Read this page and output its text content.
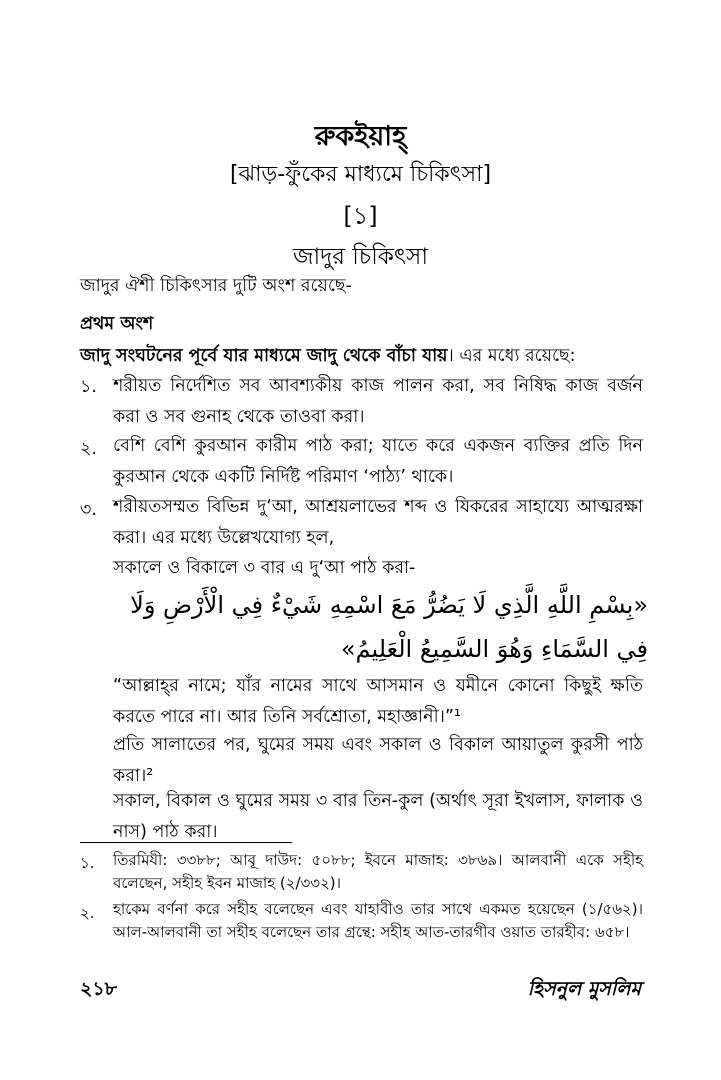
রুকইয়াহ্
[ঝাড়-ফুঁকের মাধ্যমে চিকিৎসা]
[১]
জাদুর চিকিৎসা
জাদুর ঐশী চিকিৎসার দুটি অংশ রয়েছে-
প্রথম অংশ
জাদু সংঘটনের পূর্বে যার মাধ্যমে জাদু থেকে বাঁচা যায়। এর মধ্যে রয়েছে:
১. শরীয়ত নির্দেশিত সব আবশ্যকীয় কাজ পালন করা, সব নিষিদ্ধ কাজ বর্জন করা ও সব গুনাহ থেকে তাওবা করা।
২. বেশি বেশি কুরআন কারীম পাঠ করা; যাতে করে একজন ব্যক্তির প্রতি দিন কুরআন থেকে একটি নির্দিষ্ট পরিমাণ ‘পাঠ্য’ থাকে।
৩. শরীয়তসম্মত বিভিন্ন দু‘আ, আশ্রয়লাভের শব্দ ও যিকরের সাহায্যে আত্মরক্ষা করা। এর মধ্যে উল্লেখযোগ্য হল,
সকালে ও বিকালে ৩ বার এ দু‘আ পাঠ করা-
«بِسْمِ اللَّهِ الَّذِي لَا يَضُرُّ مَعَ اسْمِهِ شَيْءٌ فِي الْأَرْضِ وَلَا فِي السَّمَاءِ وَهُوَ السَّمِيعُ الْعَلِيمُ»
“আল্লাহ্‌র নামে; যাঁর নামের সাথে আসমান ও যমীনে কোনো কিছুই ক্ষতি করতে পারে না। আর তিনি সর্বশ্রোতা, মহাজ্ঞানী।”¹
প্রতি সালাতের পর, ঘুমের সময় এবং সকাল ও বিকাল আয়াতুল কুরসী পাঠ করা।²
সকাল, বিকাল ও ঘুমের সময় ৩ বার তিন-কুল (অর্থাৎ সূরা ইখলাস, ফালাক ও নাস) পাঠ করা।
১. তিরমিযী: ৩৩৮৮; আবূ দাউদ: ৫০৮৮; ইবনে মাজাহ: ৩৮৬৯। আলবানী একে সহীহ বলেছেন, সহীহ ইবন মাজাহ (২/৩৩২)।
২. হাকেম বর্ণনা করে সহীহ বলেছেন এবং যাহাবীও তার সাথে একমত হয়েছেন (১/৫৬২)। আল-আলবানী তা সহীহ বলেছেন তার গ্রন্থে: সহীহ আত-তারগীব ওয়াত তারহীব: ৬৫৮।
২১৮	হিসনুল মুসলিম
